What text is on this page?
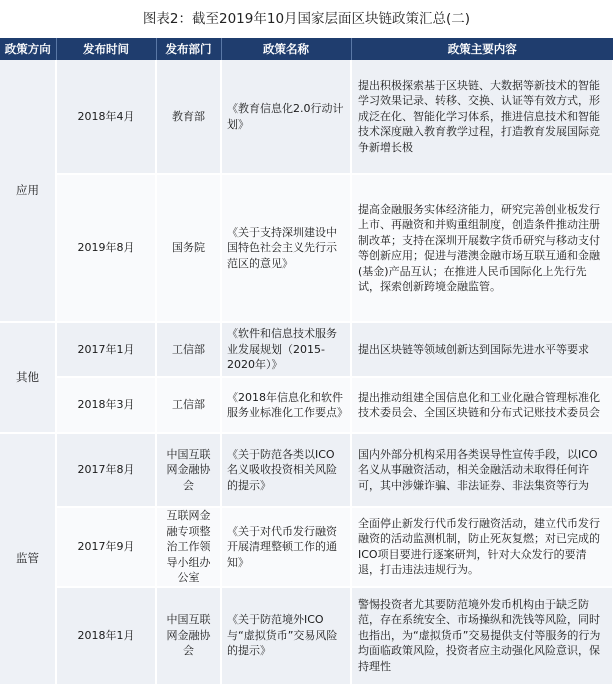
图表2：截至2019年10月国家层面区块链政策汇总(二)
政策方向	发布时间	发布部门	政策名称	政策主要内容
应用	2018年4月	教育部	《教育信息化2.0行动计划》	提出积极探索基于区块链、大数据等新技术的智能学习效果记录、转移、交换、认证等有效方式，形成泛在化、智能化学习体系，推进信息技术和智能技术深度融入教育教学过程，打造教育发展国际竞争新增长极
	2019年8月	国务院	《关于支持深圳建设中国特色社会主义先行示范区的意见》	提高金融服务实体经济能力，研究完善创业板发行上市、再融资和并购重组制度，创造条件推动注册制改革；支持在深圳开展数字货币研究与移动支付等创新应用；促进与港澳金融市场互联互通和金融(基金)产品互认；在推进人民币国际化上先行先试，探索创新跨境金融监管。
其他	2017年1月	工信部	《软件和信息技术服务业发展规划（2015-2020年）》	提出区块链等领域创新达到国际先进水平等要求
	2018年3月	工信部	《2018年信息化和软件服务业标准化工作要点》	提出推动组建全国信息化和工业化融合管理标准化技术委员会、全国区块链和分布式记账技术委员会
监管	2017年8月	中国互联网金融协会	《关于防范各类以ICO名义吸收投资相关风险的提示》	国内外部分机构采用各类误导性宣传手段，以ICO名义从事融资活动，相关金融活动未取得任何许可，其中涉嫌诈骗、非法证券、非法集资等行为
	2017年9月	互联网金融专项整治工作领导小组办公室	《关于对代币发行融资开展清理整顿工作的通知》	全面停止新发行代币发行融资活动，建立代币发行融资的活动监测机制，防止死灰复燃；对已完成的ICO项目要进行逐案研判，针对大众发行的要清退，打击违法违规行为。
	2018年1月	中国互联网金融协会	《关于防范境外ICO与“虚拟货币”交易风险的提示》	警惕投资者尤其要防范境外发币机构由于缺乏防范，存在系统安全、市场操纵和洗钱等风险，同时也指出，为“虚拟货币”交易提供支付等服务的行为均面临政策风险，投资者应主动强化风险意识，保持理性
